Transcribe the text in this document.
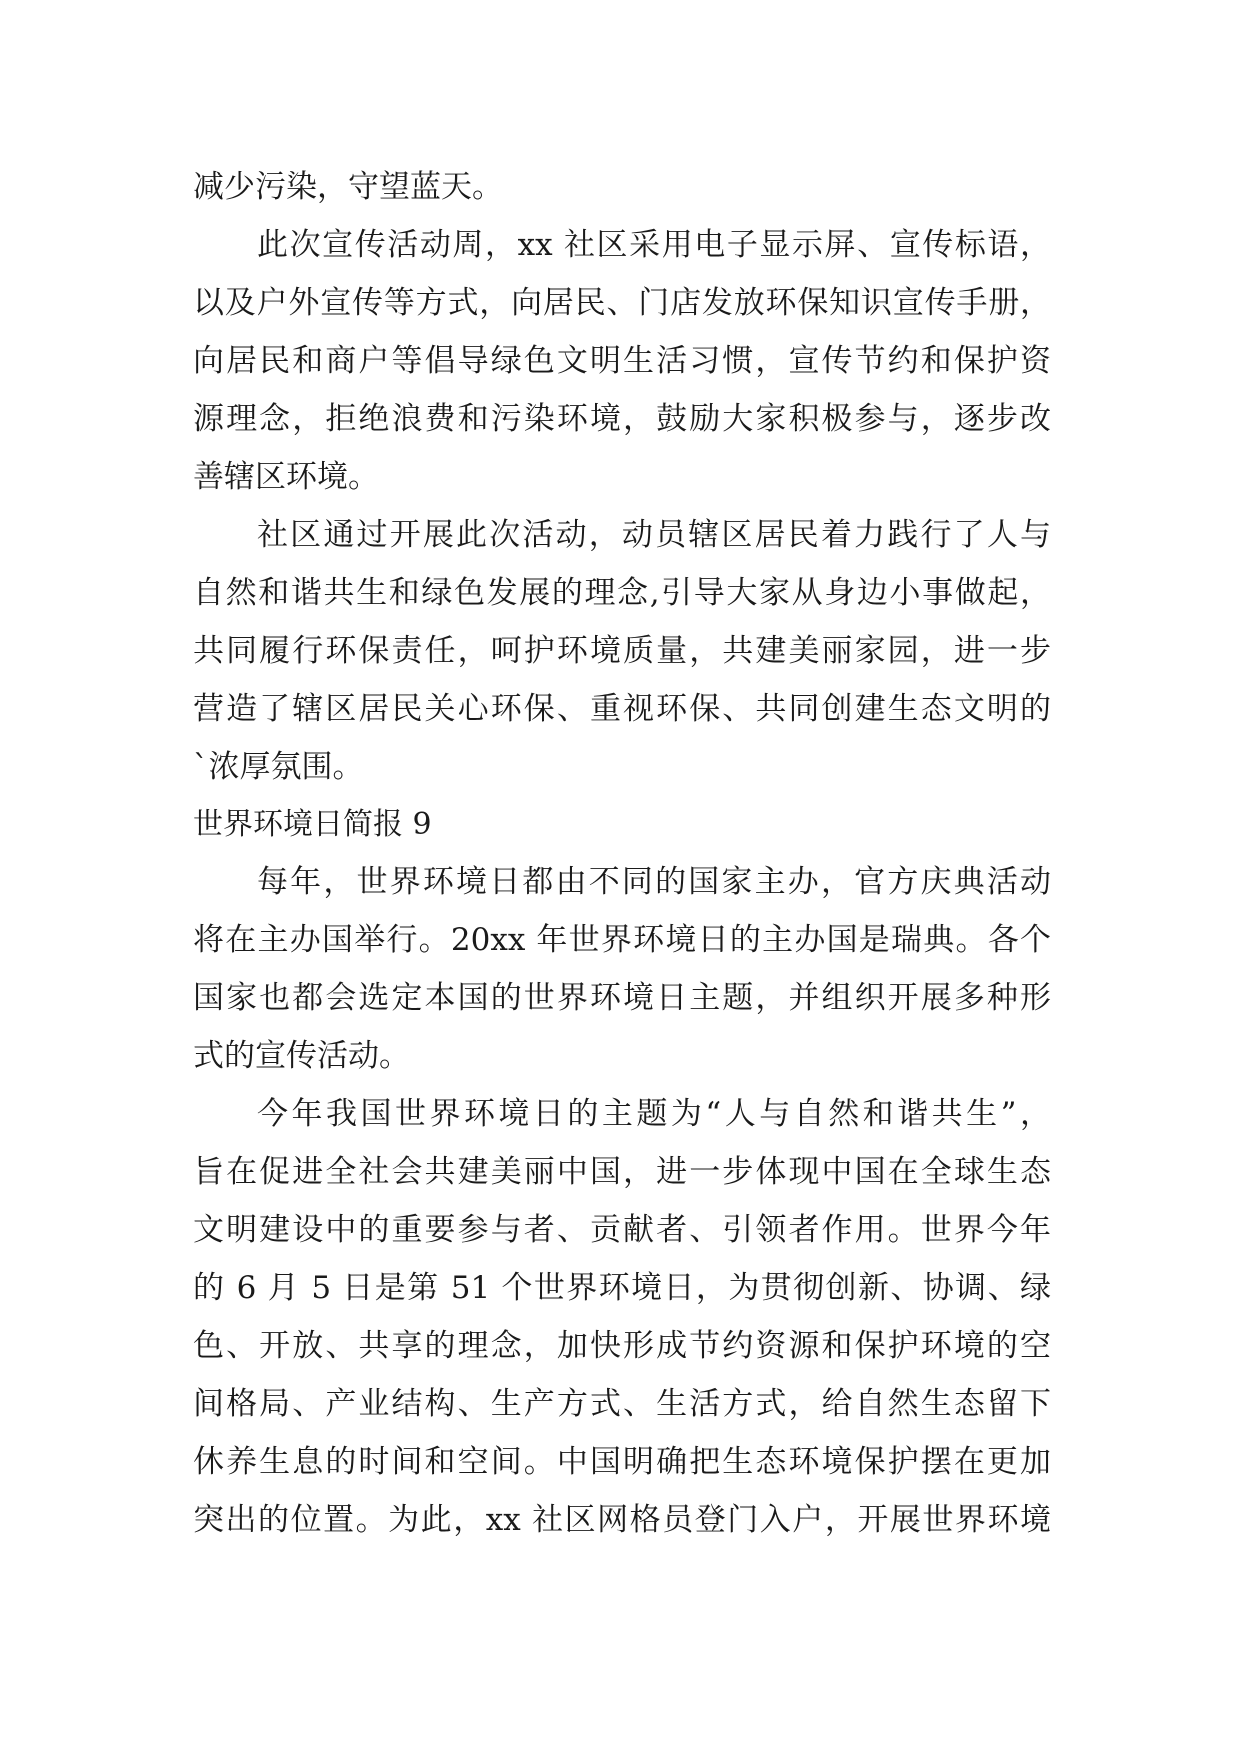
减少污染，守望蓝天。
此次宣传活动周，xx 社区采用电子显示屏、宣传标语，
以及户外宣传等方式，向居民、门店发放环保知识宣传手册，
向居民和商户等倡导绿色文明生活习惯，宣传节约和保护资
源理念，拒绝浪费和污染环境，鼓励大家积极参与，逐步改
善辖区环境。
社区通过开展此次活动，动员辖区居民着力践行了人与
自然和谐共生和绿色发展的理念,引导大家从身边小事做起，
共同履行环保责任，呵护环境质量，共建美丽家园，进一步
营造了辖区居民关心环保、重视环保、共同创建生态文明的
`浓厚氛围。
世界环境日简报 9
每年，世界环境日都由不同的国家主办，官方庆典活动
将在主办国举行。20xx 年世界环境日的主办国是瑞典。各个
国家也都会选定本国的世界环境日主题，并组织开展多种形
式的宣传活动。
今年我国世界环境日的主题为“人与自然和谐共生”，
旨在促进全社会共建美丽中国，进一步体现中国在全球生态
文明建设中的重要参与者、贡献者、引领者作用。世界今年
的 6 月 5 日是第 51 个世界环境日，为贯彻创新、协调、绿
色、开放、共享的理念，加快形成节约资源和保护环境的空
间格局、产业结构、生产方式、生活方式，给自然生态留下
休养生息的时间和空间。中国明确把生态环境保护摆在更加
突出的位置。为此，xx 社区网格员登门入户，开展世界环境
